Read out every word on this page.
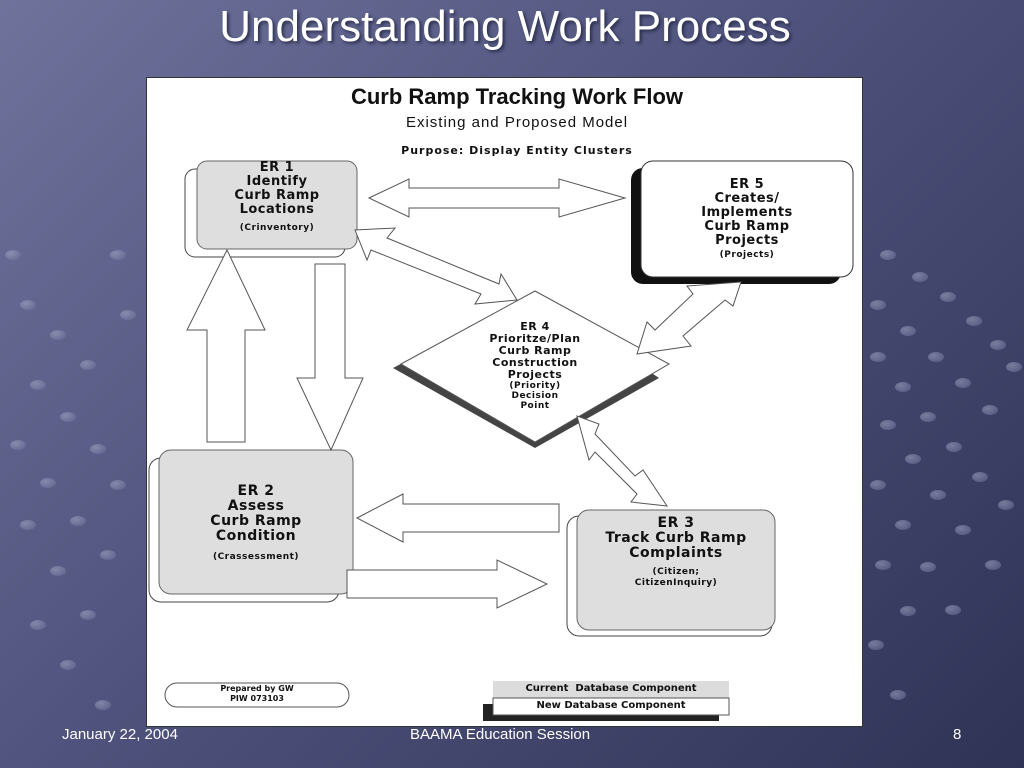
Understanding Work Process
Curb Ramp Tracking Work Flow
Existing and Proposed Model
Purpose: Display Entity Clusters
ER 1
Identify
Curb Ramp
Locations
(Crinventory)
ER 2
Assess
Curb Ramp
Condition
(Crassessment)
ER 3
Track Curb Ramp
Complaints
(Citizen;
CitizenInquiry)
ER 4
Prioritze/Plan
Curb Ramp
Construction
Projects
(Priority)
Decision
Point
ER 5
Creates/
Implements
Curb Ramp
Projects
(Projects)
Prepared by GW
PIW 073103
Current  Database Component
New Database Component
January 22, 2004	BAAMA Education Session	8
